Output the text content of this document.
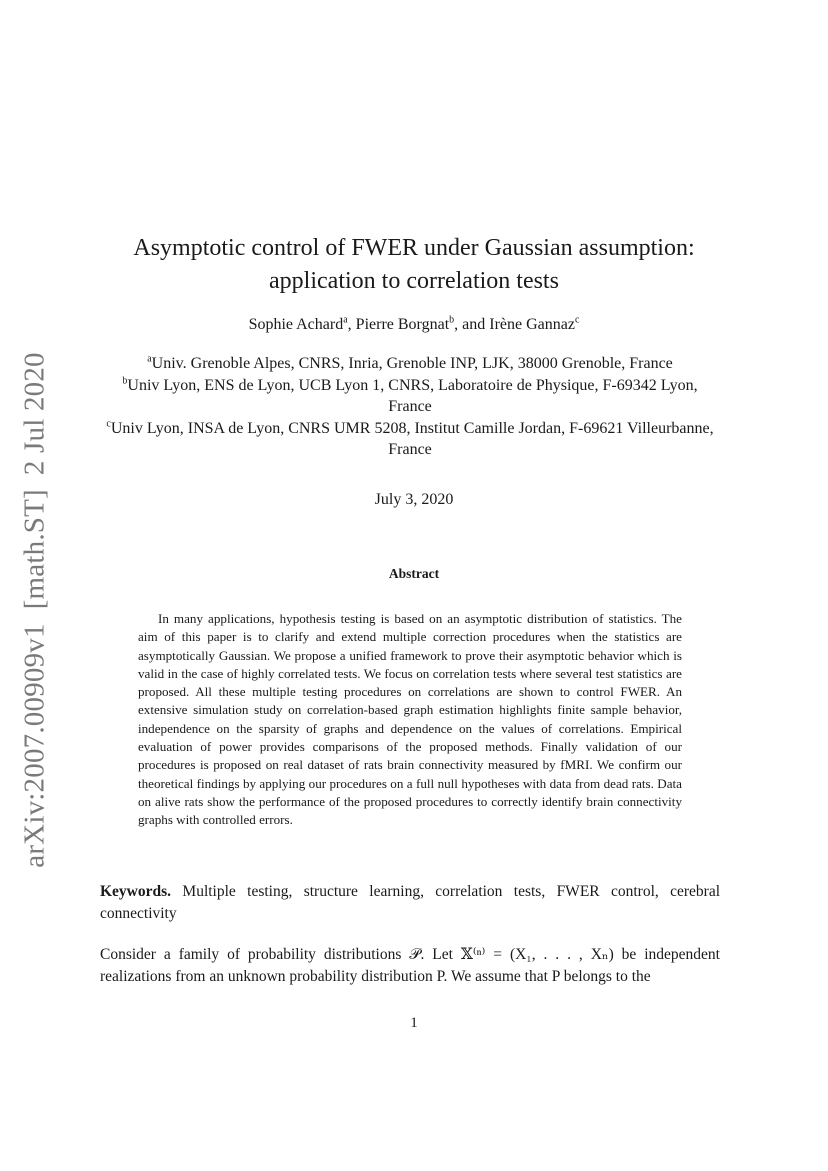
arXiv:2007.00909v1[math.ST]2 Jul 2020
Asymptotic control of FWER under Gaussian assumption:
application to correlation tests
Sophie Achard$^a$, Pierre Borgnat$^b$, and Irène Gannaz$^c$
$^a$Univ. Grenoble Alpes, CNRS, Inria, Grenoble INP, LJK, 38000 Grenoble, France
$^b$Univ Lyon, ENS de Lyon, UCB Lyon 1, CNRS, Laboratoire de Physique, F-69342 Lyon, France
$^c$Univ Lyon, INSA de Lyon, CNRS UMR 5208, Institut Camille Jordan, F-69621 Villeurbanne, France
July 3, 2020
Abstract
In many applications, hypothesis testing is based on an asymptotic distribution of statistics. The aim of this paper is to clarify and extend multiple correction procedures when the statistics are asymptotically Gaussian. We propose a unified framework to prove their asymptotic behavior which is valid in the case of highly correlated tests. We focus on correlation tests where several test statistics are proposed. All these multiple testing procedures on correlations are shown to control FWER. An extensive simulation study on correlation-based graph estimation highlights finite sample behavior, independence on the sparsity of graphs and dependence on the values of correlations. Empirical evaluation of power provides comparisons of the proposed methods. Finally validation of our procedures is proposed on real dataset of rats brain connectivity measured by fMRI. We confirm our theoretical findings by applying our procedures on a full null hypotheses with data from dead rats. Data on alive rats show the performance of the proposed procedures to correctly identify brain connectivity graphs with controlled errors.
Keywords. Multiple testing, structure learning, correlation tests, FWER control, cerebral connectivity
Consider a family of probability distributions 𝒫. Let 𝕏⁽ⁿ⁾ = (X₁, . . . , Xₙ) be independent realizations from an unknown probability distribution P. We assume that P belongs to the
1
